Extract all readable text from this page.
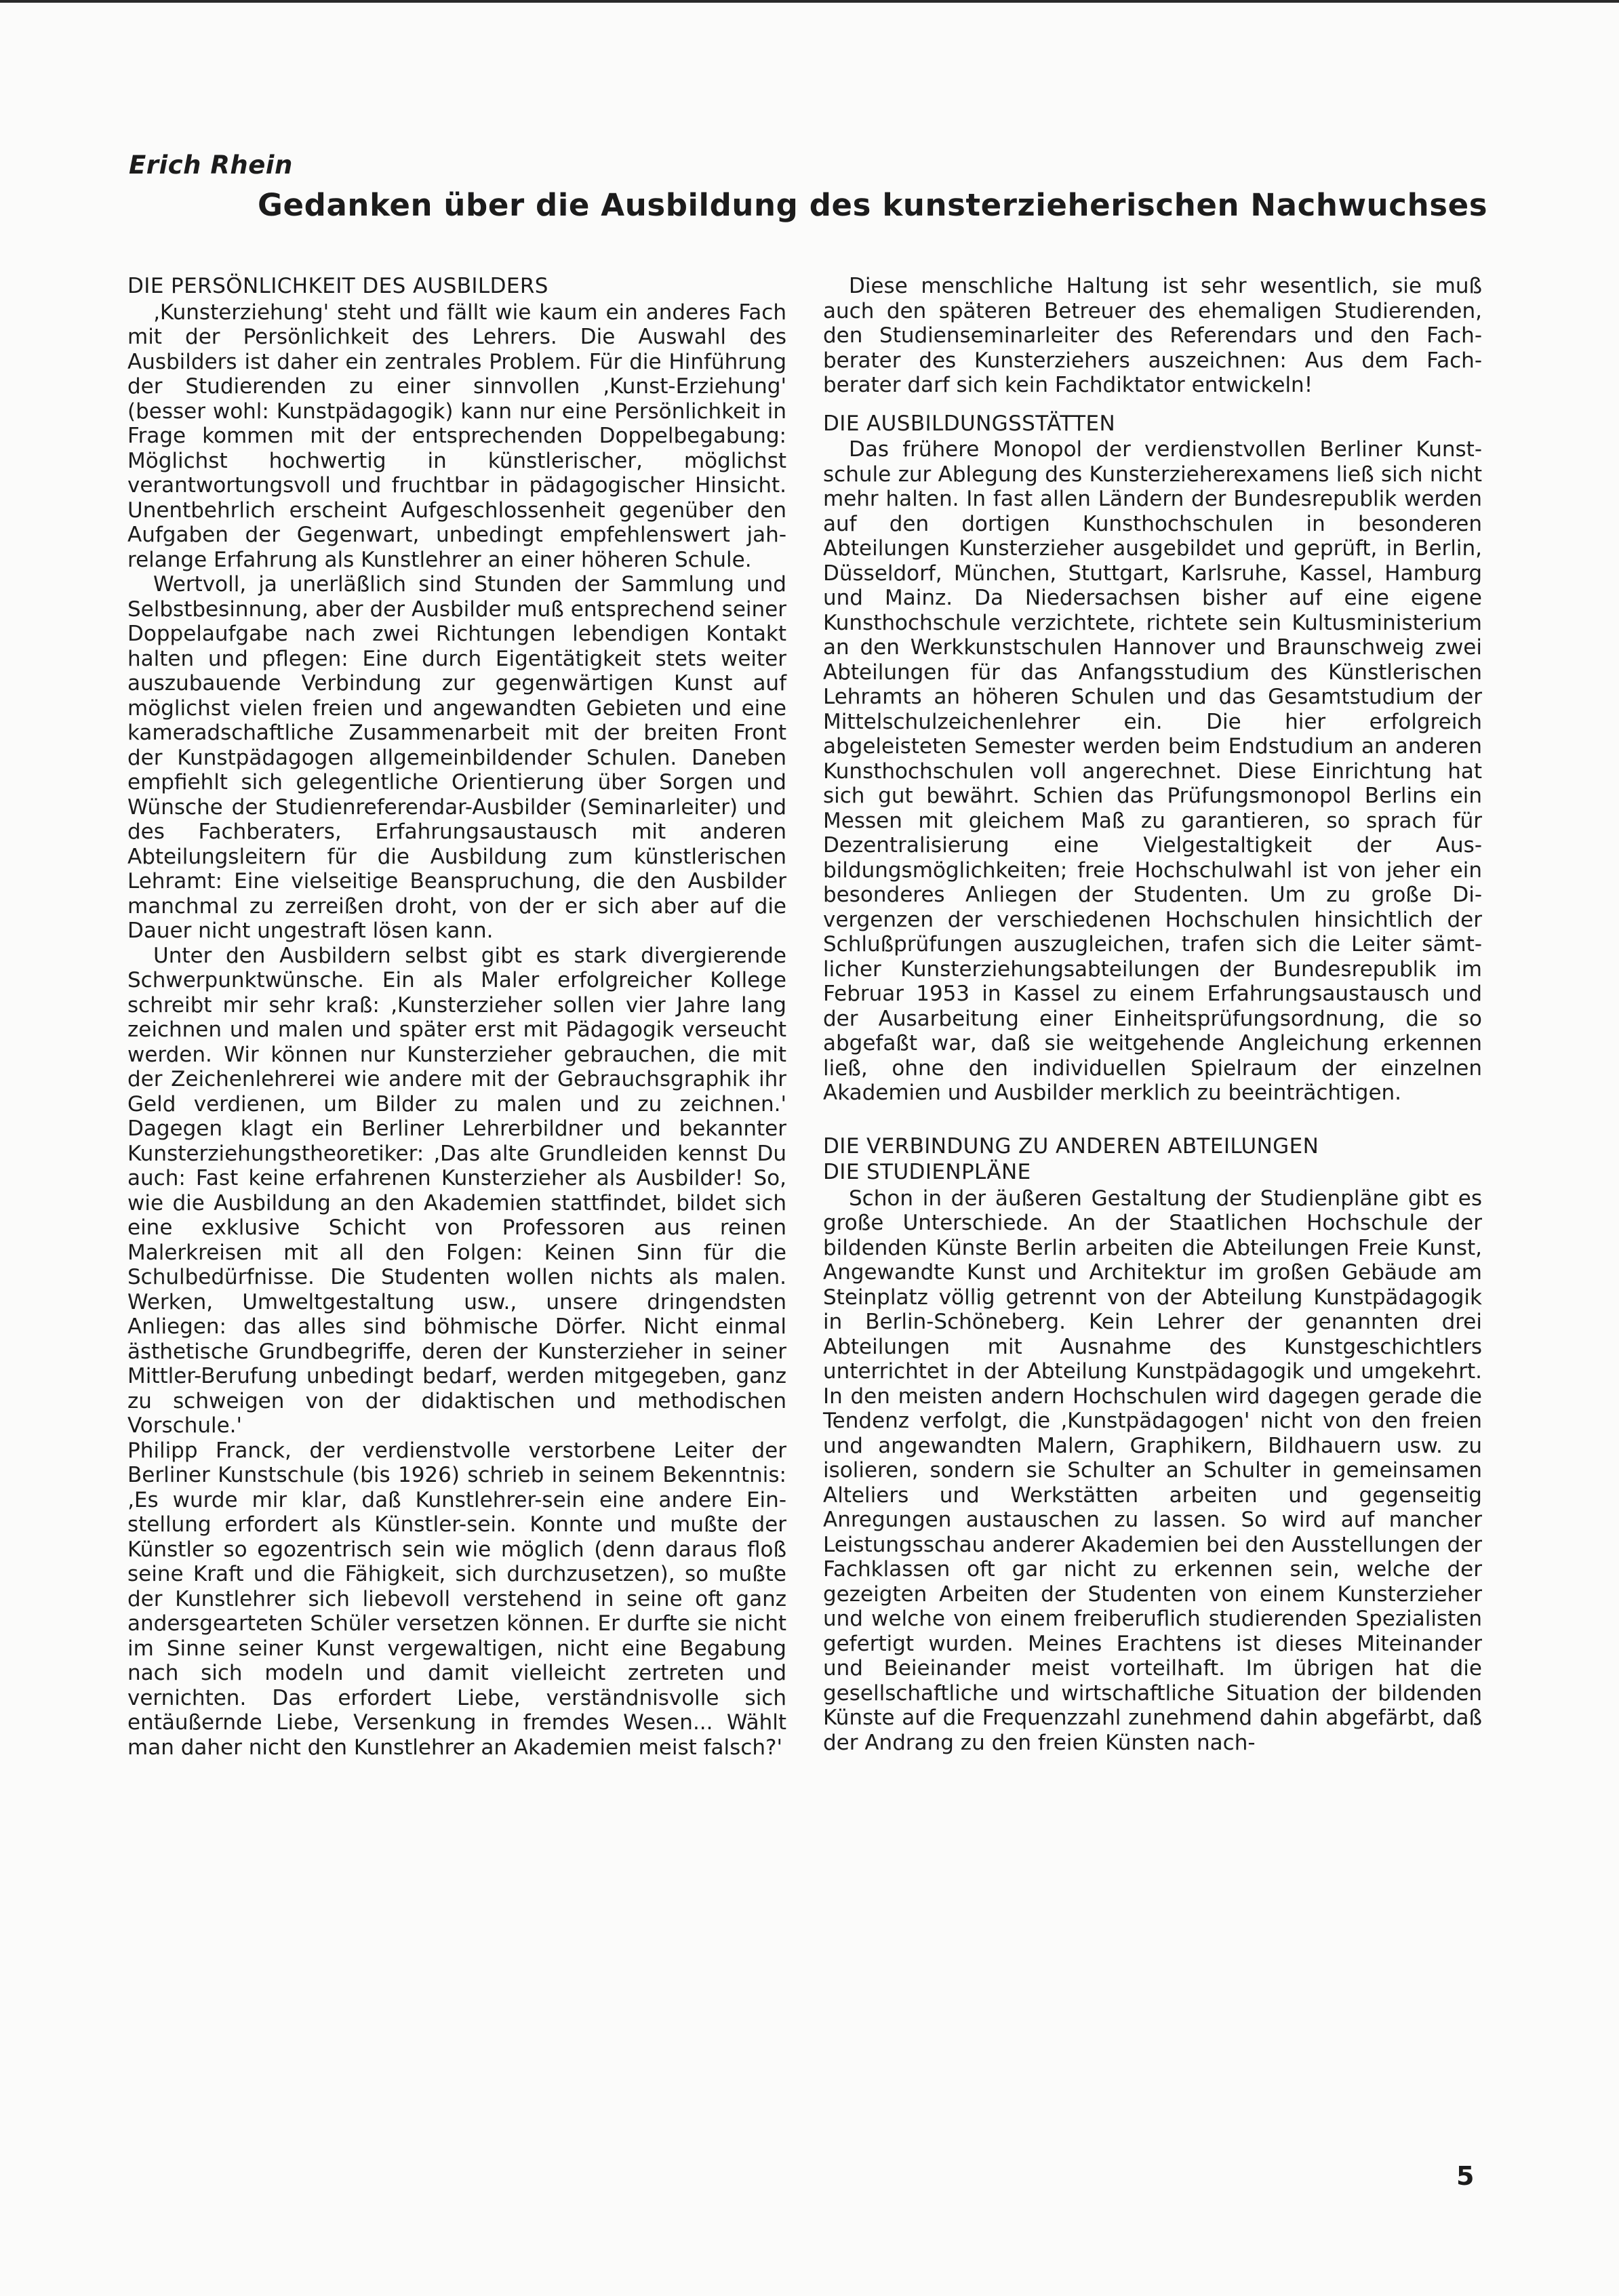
Erich Rhein
Gedanken über die Ausbildung des kunsterzieherischen Nachwuchses
DIE PERSÖNLICHKEIT DES AUSBILDERS

‚Kunsterziehung' steht und fällt wie kaum ein anderes Fach mit der Persönlichkeit des Lehrers. Die Auswahl des Ausbilders ist daher ein zentrales Problem. Für die Hinführung der Studierenden zu einer sinnvollen ‚Kunst-Erziehung' (besser wohl: Kunstpädagogik) kann nur eine Persönlichkeit in Frage kommen mit der entsprechenden Doppelbegabung: Möglichst hochwertig in künstlerischer, möglichst verantwortungsvoll und fruchtbar in pädagogischer Hinsicht. Unentbehrlich erscheint Aufgeschlossenheit gegenüber den Aufgaben der Gegenwart, unbedingt empfehlenswert jahrelange Erfahrung als Kunstlehrer an einer höheren Schule.

Wertvoll, ja unerläßlich sind Stunden der Sammlung und Selbstbesinnung, aber der Ausbilder muß entsprechend seiner Doppelaufgabe nach zwei Richtungen lebendigen Kontakt halten und pflegen: Eine durch Eigentätigkeit stets weiter auszubauende Verbindung zur gegenwärtigen Kunst auf möglichst vielen freien und angewandten Gebieten und eine kameradschaftliche Zusammenarbeit mit der breiten Front der Kunstpädagogen allgemeinbildender Schulen. Daneben empfiehlt sich gelegentliche Orientierung über Sorgen und Wünsche der Studienreferendar-Ausbilder (Seminarleiter) und des Fachberaters, Erfahrungsaustausch mit anderen Abteilungsleitern für die Ausbildung zum künstlerischen Lehramt: Eine vielseitige Beanspruchung, die den Ausbilder manchmal zu zerreißen droht, von der er sich aber auf die Dauer nicht ungestraft lösen kann.

Unter den Ausbildern selbst gibt es stark divergierende Schwerpunktwünsche. Ein als Maler erfolgreicher Kollege schreibt mir sehr kraß: ‚Kunsterzieher sollen vier Jahre lang zeichnen und malen und später erst mit Pädagogik verseucht werden. Wir können nur Kunsterzieher gebrauchen, die mit der Zeichenlehrerei wie andere mit der Gebrauchsgraphik ihr Geld verdienen, um Bilder zu malen und zu zeichnen.' Dagegen klagt ein Berliner Lehrerbildner und bekannter Kunsterziehungstheoretiker: ‚Das alte Grundleiden kennst Du auch: Fast keine erfahrenen Kunsterzieher als Ausbilder! So, wie die Ausbildung an den Akademien stattfindet, bildet sich eine exklusive Schicht von Professoren aus reinen Malerkreisen mit all den Folgen: Keinen Sinn für die Schulbedürfnisse. Die Studenten wollen nichts als malen. Werken, Umweltgestaltung usw., unsere dringendsten Anliegen: das alles sind böhmische Dörfer. Nicht einmal ästhetische Grundbegriffe, deren der Kunsterzieher in seiner Mittler-Berufung unbedingt bedarf, werden mitgegeben, ganz zu schweigen von der didaktischen und methodischen Vorschule.'

Philipp Franck, der verdienstvolle verstorbene Leiter der Berliner Kunstschule (bis 1926) schrieb in seinem Bekenntnis: ‚Es wurde mir klar, daß Kunstlehrer-sein eine andere Einstellung erfordert als Künstler-sein. Konnte und mußte der Künstler so egozentrisch sein wie möglich (denn daraus floß seine Kraft und die Fähigkeit, sich durchzusetzen), so mußte der Kunstlehrer sich liebevoll verstehend in seine oft ganz andersgearteten Schüler versetzen können. Er durfte sie nicht im Sinne seiner Kunst vergewaltigen, nicht eine Begabung nach sich modeln und damit vielleicht zertreten und vernichten. Das erfordert Liebe, verständnisvolle sich entäußernde Liebe, Versenkung in fremdes Wesen... Wählt man daher nicht den Kunstlehrer an Akademien meist falsch?'

Diese menschliche Haltung ist sehr wesentlich, sie muß auch den späteren Betreuer des ehemaligen Studierenden, den Studienseminarleiter des Referendars und den Fachberater des Kunsterziehers auszeichnen: Aus dem Fachberater darf sich kein Fachdiktator entwickeln!

DIE AUSBILDUNGSSTÄTTEN

Das frühere Monopol der verdienstvollen Berliner Kunstschule zur Ablegung des Kunsterzieherexamens ließ sich nicht mehr halten. In fast allen Ländern der Bundesrepublik werden auf den dortigen Kunsthochschulen in besonderen Abteilungen Kunsterzieher ausgebildet und geprüft, in Berlin, Düsseldorf, München, Stuttgart, Karlsruhe, Kassel, Hamburg und Mainz. Da Niedersachsen bisher auf eine eigene Kunsthochschule verzichtete, richtete sein Kultusministerium an den Werkkunstschulen Hannover und Braunschweig zwei Abteilungen für das Anfangsstudium des Künstlerischen Lehramts an höheren Schulen und das Gesamtstudium der Mittelschulzeichenlehrer ein. Die hier erfolgreich abgeleisteten Semester werden beim Endstudium an anderen Kunsthochschulen voll angerechnet. Diese Einrichtung hat sich gut bewährt. Schien das Prüfungsmonopol Berlins ein Messen mit gleichem Maß zu garantieren, so sprach für Dezentralisierung eine Vielgestaltigkeit der Ausbildungsmöglichkeiten; freie Hochschulwahl ist von jeher ein besonderes Anliegen der Studenten. Um zu große Divergenzen der verschiedenen Hochschulen hinsichtlich der Schlußprüfungen auszugleichen, trafen sich die Leiter sämtlicher Kunsterziehungsabteilungen der Bundesrepublik im Februar 1953 in Kassel zu einem Erfahrungsaustausch und der Ausarbeitung einer Einheitsprüfungsordnung, die so abgefaßt war, daß sie weitgehende Angleichung erkennen ließ, ohne den individuellen Spielraum der einzelnen Akademien und Ausbilder merklich zu beeinträchtigen.

DIE VERBINDUNG ZU ANDEREN ABTEILUNGEN
DIE STUDIENPLÄNE

Schon in der äußeren Gestaltung der Studienpläne gibt es große Unterschiede. An der Staatlichen Hochschule der bildenden Künste Berlin arbeiten die Abteilungen Freie Kunst, Angewandte Kunst und Architektur im großen Gebäude am Steinplatz völlig getrennt von der Abteilung Kunstpädagogik in Berlin-Schöneberg. Kein Lehrer der genannten drei Abteilungen mit Ausnahme des Kunstgeschichtlers unterrichtet in der Abteilung Kunstpädagogik und umgekehrt. In den meisten andern Hochschulen wird dagegen gerade die Tendenz verfolgt, die ‚Kunstpädagogen' nicht von den freien und angewandten Malern, Graphikern, Bildhauern usw. zu isolieren, sondern sie Schulter an Schulter in gemeinsamen Alteliers und Werkstätten arbeiten und gegenseitig Anregungen austauschen zu lassen. So wird auf mancher Leistungsschau anderer Akademien bei den Ausstellungen der Fachklassen oft gar nicht zu erkennen sein, welche der gezeigten Arbeiten der Studenten von einem Kunsterzieher und welche von einem freiberuflich studierenden Spezialisten gefertigt wurden. Meines Erachtens ist dieses Miteinander und Beieinander meist vorteilhaft. Im übrigen hat die gesellschaftliche und wirtschaftliche Situation der bildenden Künste auf die Frequenzzahl zunehmend dahin abgefärbt, daß der Andrang zu den freien Künsten nach-

5
